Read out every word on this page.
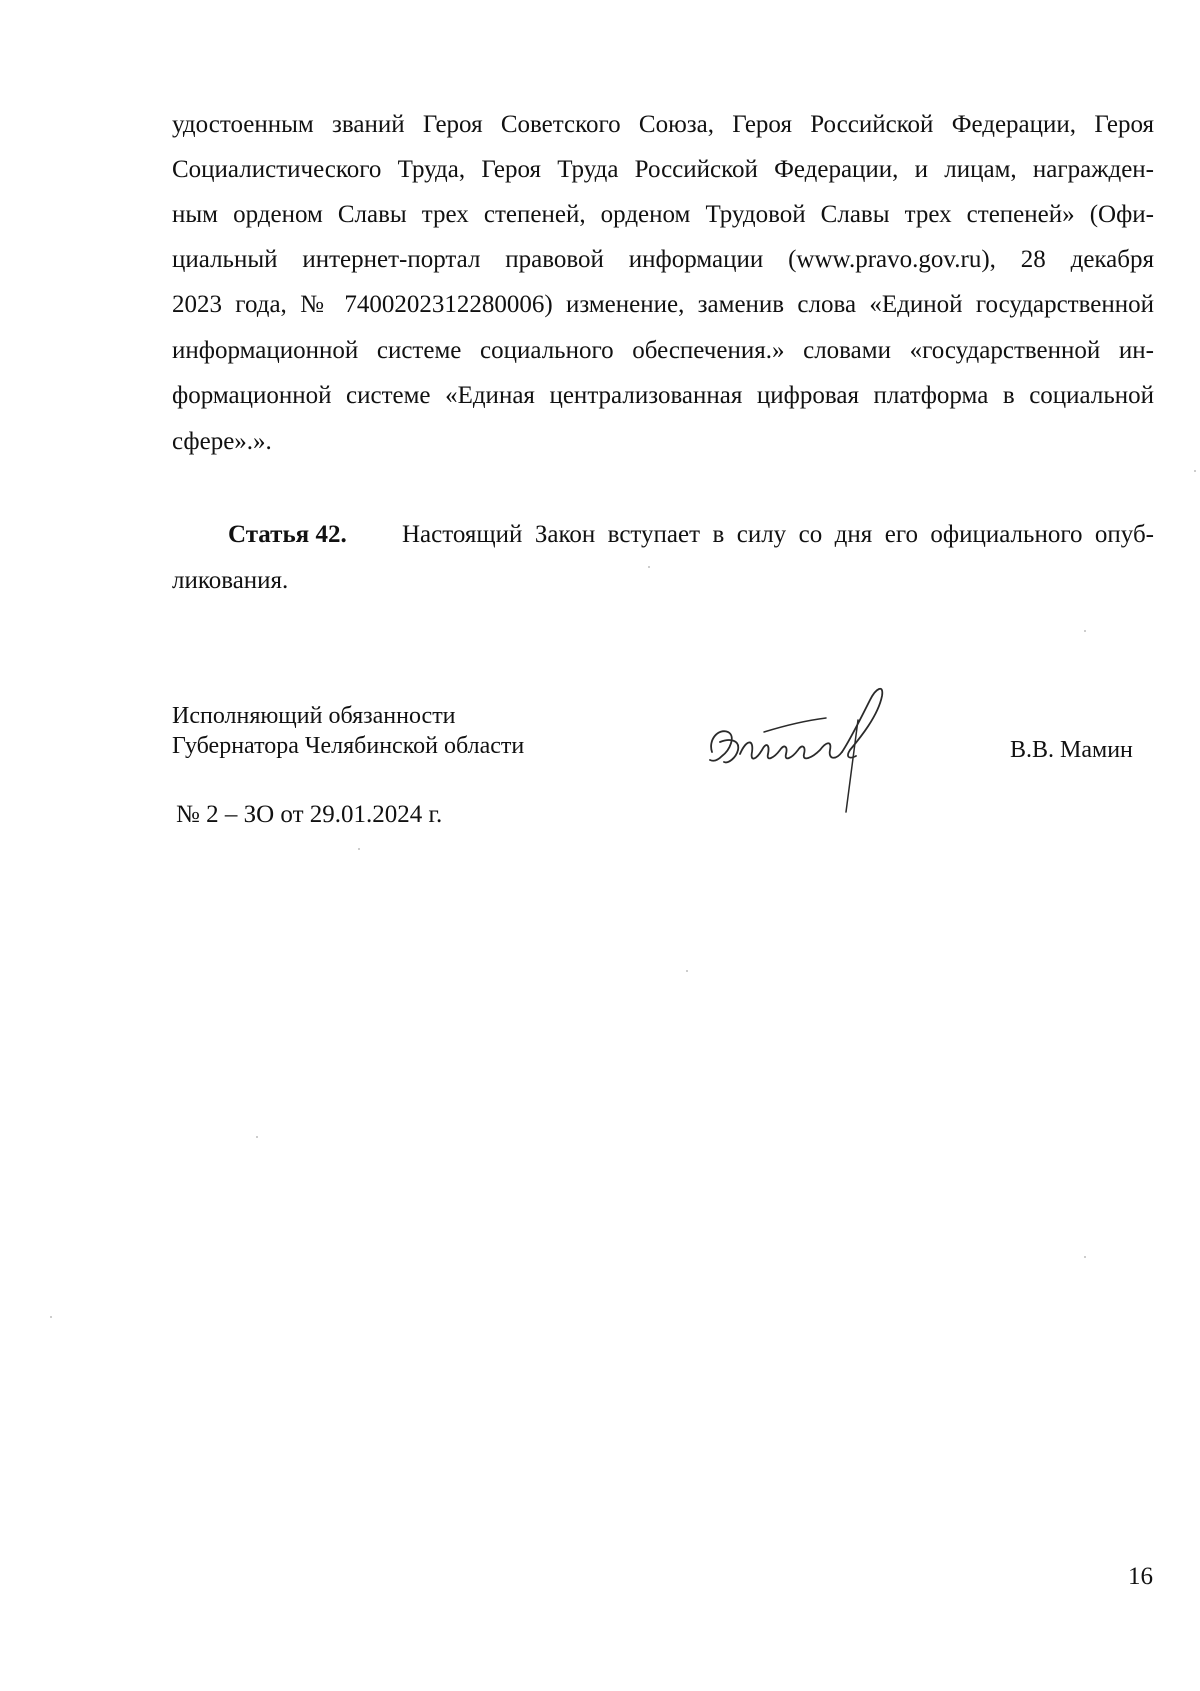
удостоенным званий Героя Советского Союза, Героя Российской Федерации, Героя
Социалистического Труда, Героя Труда Российской Федерации, и лицам, награжден-
ным орденом Славы трех степеней, орденом Трудовой Славы трех степеней» (Офи-
циальный интернет-портал правовой информации (www.pravo.gov.ru), 28 декабря
2023 года, № 7400202312280006) изменение, заменив слова «Единой государственной
информационной системе социального обеспечения.» словами «государственной ин-
формационной системе «Единая централизованная цифровая платформа в социальной
сфере».».
Статья 42. Настоящий Закон вступает в силу со дня его официального опуб-
ликования.
Исполняющий обязанности
Губернатора Челябинской области	В.В. Мамин
№ 2 – ЗО от 29.01.2024 г.
16
